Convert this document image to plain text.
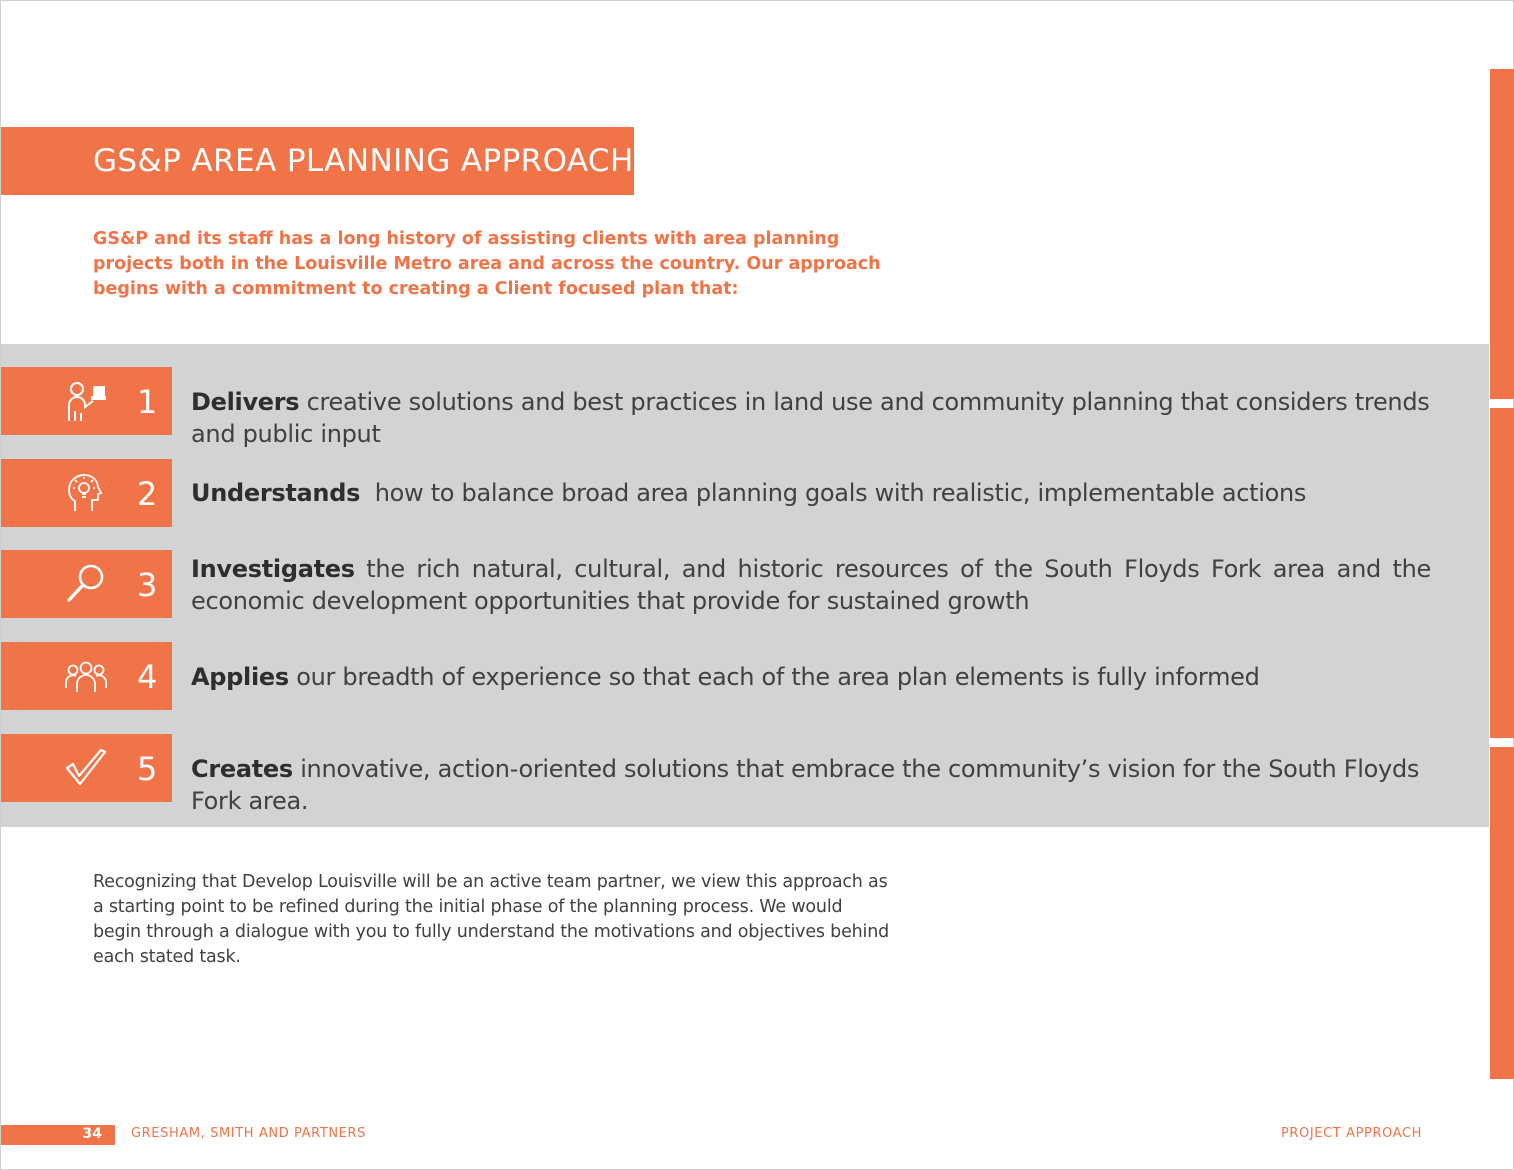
GS&P AREA PLANNING APPROACH

GS&P and its staff has a long history of assisting clients with area planning projects both in the Louisville Metro area and across the country. Our approach begins with a commitment to creating a Client focused plan that:

1 Delivers creative solutions and best practices in land use and community planning that considers trends and public input
2 Understands  how to balance broad area planning goals with realistic, implementable actions
3 Investigates the rich natural, cultural, and historic resources of the South Floyds Fork area and the economic development opportunities that provide for sustained growth
4 Applies our breadth of experience so that each of the area plan elements is fully informed
5 Creates innovative, action-oriented solutions that embrace the community’s vision for the South Floyds Fork area.

Recognizing that Develop Louisville will be an active team partner, we view this approach as a starting point to be refined during the initial phase of the planning process. We would begin through a dialogue with you to fully understand the motivations and objectives behind each stated task.

34 GRESHAM, SMITH AND PARTNERS	PROJECT APPROACH
